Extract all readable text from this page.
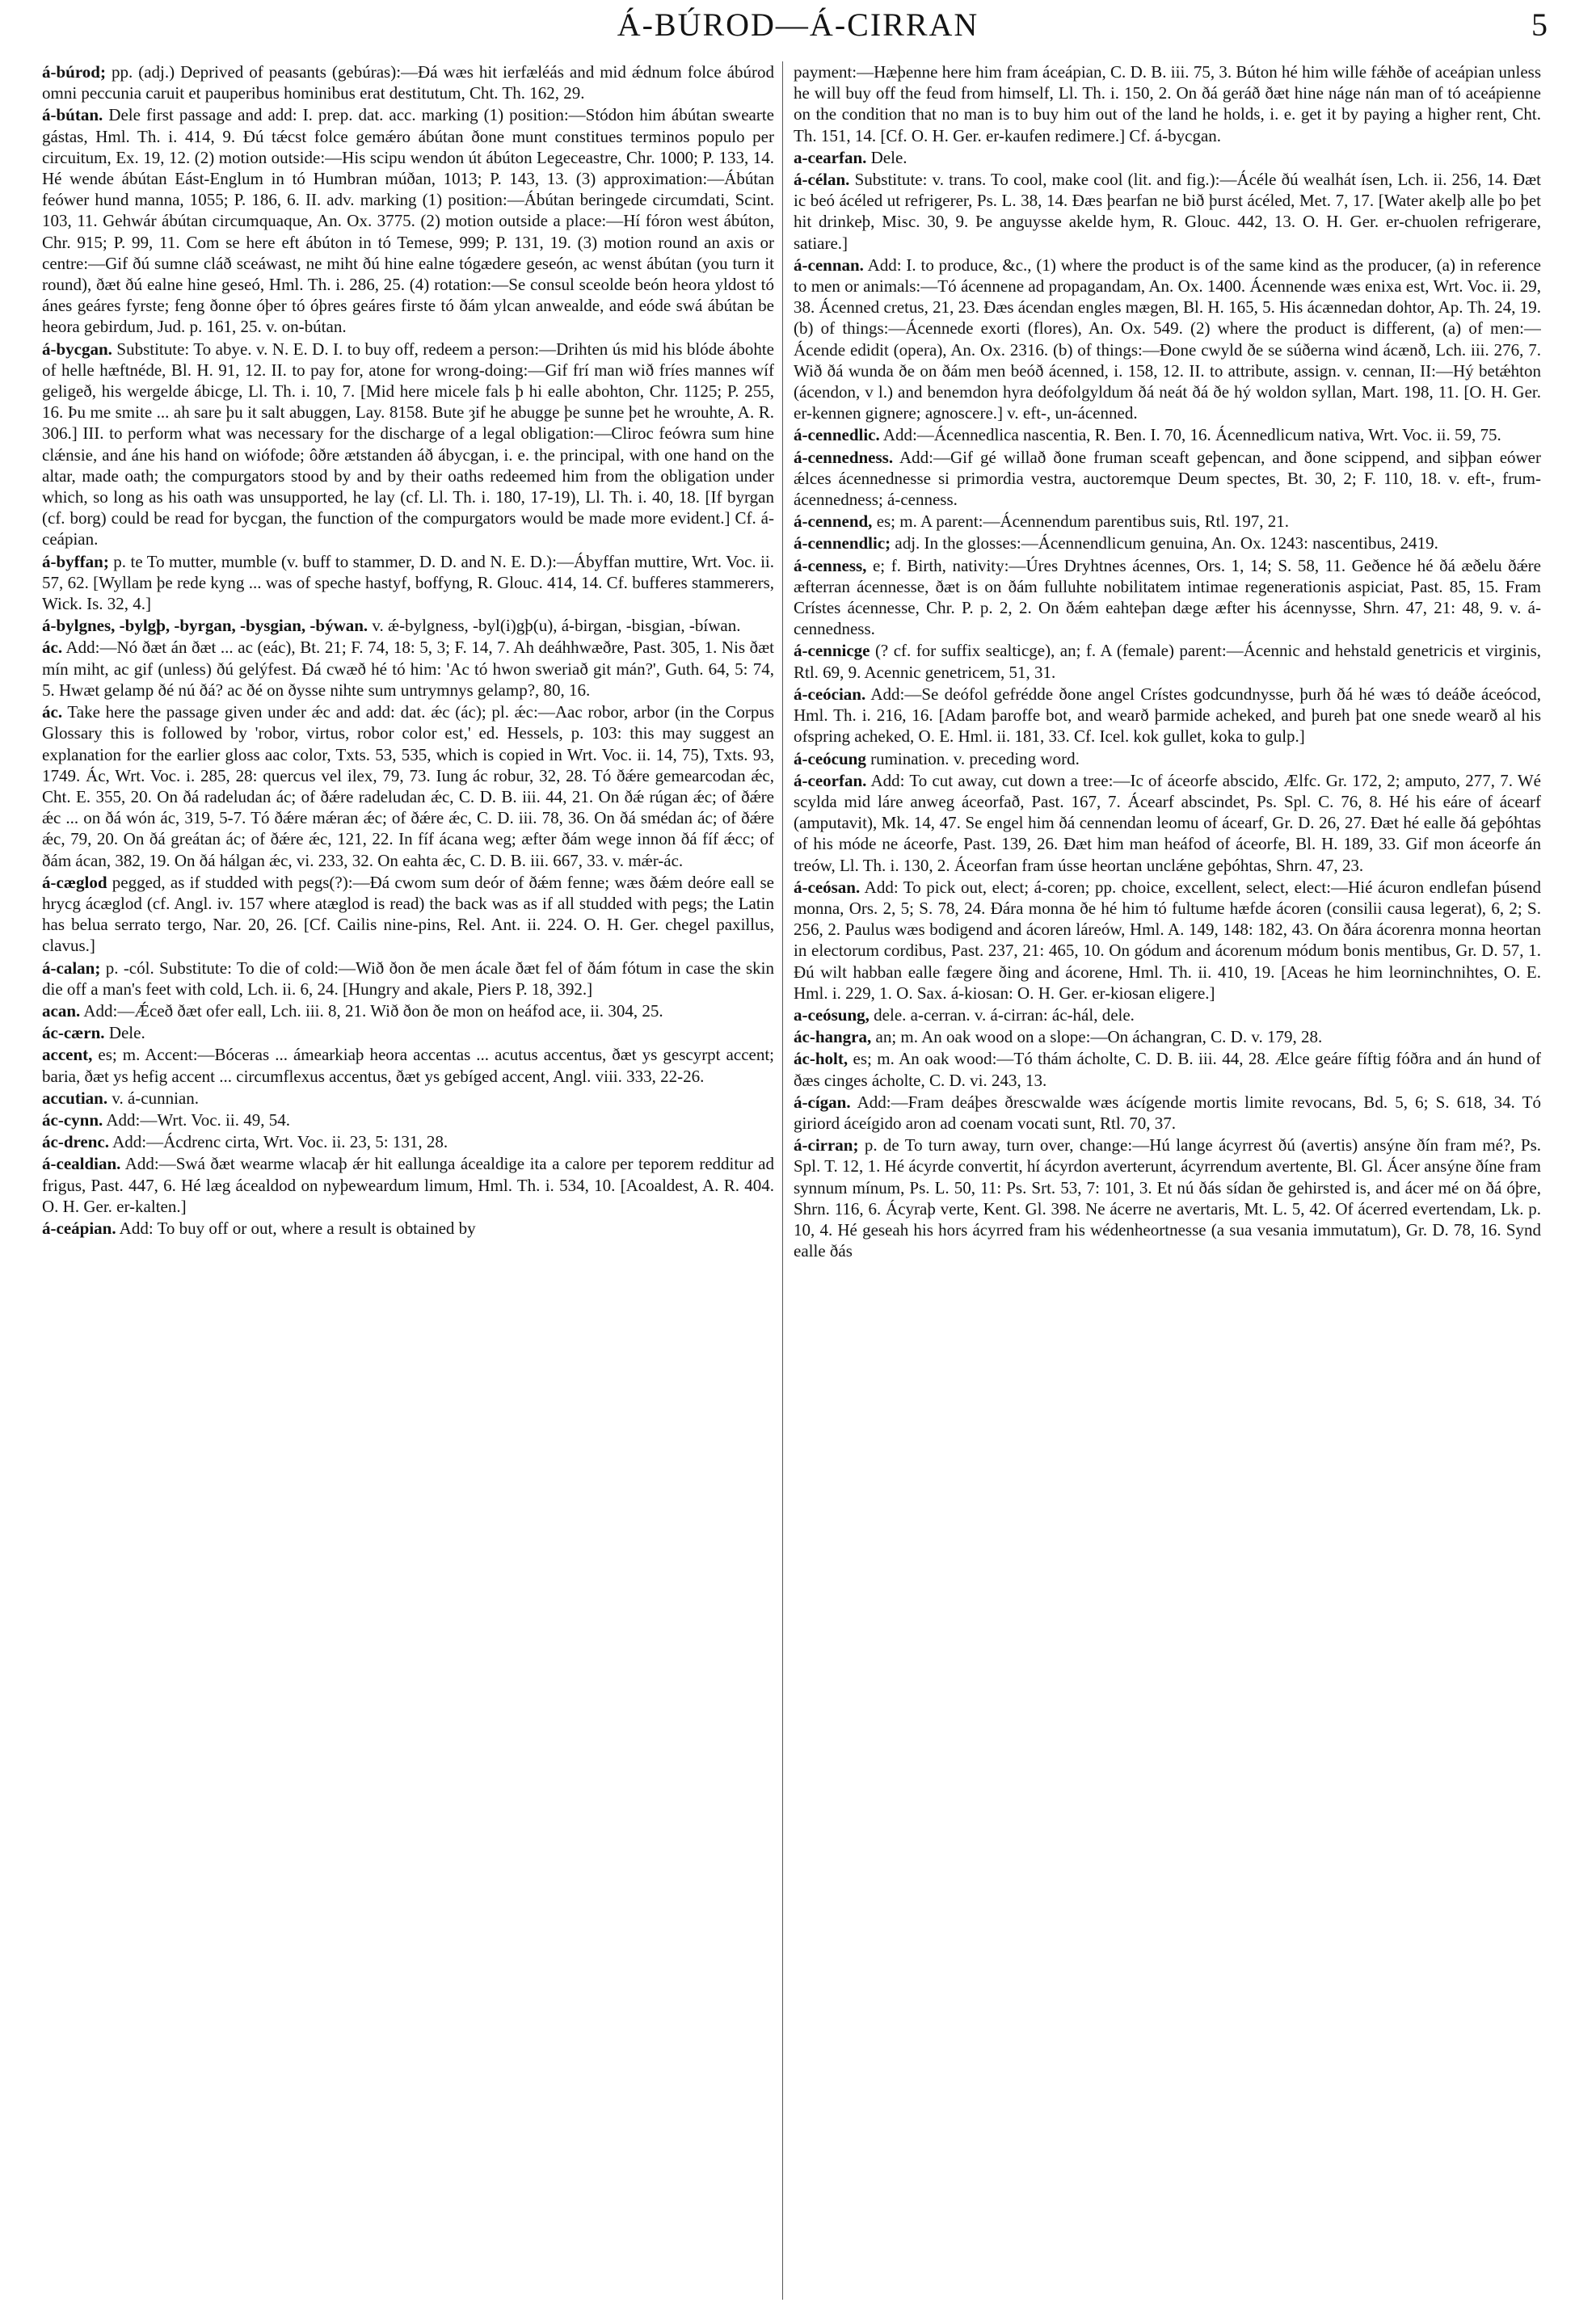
Á-BÚROD—Á-CIRRAN	5
á-búrod; pp. (adj.) Deprived of peasants (gebúras):—Ðá wæs hit ierfæléás and mid ǽdnum folce ábúrod omni peccunia caruit et pauperibus hominibus erat destitutum, Cht. Th. 162, 29.
á-bútan. Dele first passage and add: I. prep. dat. acc. marking (1) position:—Stódon him ábútan swearte gástas, Hml. Th. i. 414, 9. Ðú tǽcst folce gemǽro ábútan ðone munt constitues terminos populo per circuitum, Ex. 19, 12. (2) motion outside:—His scipu wendon út ábúton Legeceastre, Chr. 1000; P. 133, 14. Hé wende ábútan Eást-Englum in tó Humbran múðan, 1013; P. 143, 13. (3) approximation:—Ábútan feówer hund manna, 1055; P. 186, 6. II. adv. marking (1) position:—Ábútan beringede circumdati, Scint. 103, 11. Gehwár ábútan circumquaque, An. Ox. 3775. (2) motion outside a place:—Hí fóron west ábúton, Chr. 915; P. 99, 11. Com se here eft ábúton in tó Temese, 999; P. 131, 19. (3) motion round an axis or centre:—Gif ðú sumne cláð sceáwast, ne miht ðú hine ealne tógædere geseón, ac wenst ábútan (you turn it round), ðæt ðú ealne hine geseó, Hml. Th. i. 286, 25. (4) rotation:—Se consul sceolde beón heora yldost tó ánes geáres fyrste; feng ðonne óþer tó óþres geáres firste tó ðám ylcan anwealde, and eóde swá ábútan be heora gebirdum, Jud. p. 161, 25. v. on-bútan.
á-bycgan. Substitute: To abye. v. N. E. D. I. to buy off, redeem a person:—Drihten ús mid his blóde ábohte of helle hæftnéde, Bl. H. 91, 12. II. to pay for, atone for wrong-doing:—Gif frí man wið fríes mannes wíf geligeð, his wergelde ábicge, Ll. Th. i. 10, 7. [Mid here micele fals þ hi ealle abohton, Chr. 1125; P. 255, 16. Þu me smite ... ah sare þu it salt abuggen, Lay. 8158. Bute ȝif he abugge þe sunne þet he wrouhte, A. R. 306.] III. to perform what was necessary for the discharge of a legal obligation:—Cliroc feówra sum hine clǽnsie, and áne his hand on wiófode; ôðre ætstanden áð ábycgan, i. e. the principal, with one hand on the altar, made oath; the compurgators stood by and by their oaths redeemed him from the obligation under which, so long as his oath was unsupported, he lay (cf. Ll. Th. i. 180, 17-19), Ll. Th. i. 40, 18. [If byrgan (cf. borg) could be read for bycgan, the function of the compurgators would be made more evident.] Cf. á-ceápian.
á-byffan; p. te To mutter, mumble (v. buff to stammer, D. D. and N. E. D.):—Ábyffan muttire, Wrt. Voc. ii. 57, 62. [Wyllam þe rede kyng ... was of speche hastyf, boffyng, R. Glouc. 414, 14. Cf. bufferes stammerers, Wick. Is. 32, 4.]
á-bylgnes, -bylgþ, -byrgan, -bysgian, -býwan. v. ǽ-bylgness, -byl(i)gþ(u), á-birgan, -bisgian, -bíwan.
ác. Add:—Nó ðæt án ðæt ... ac (eác), Bt. 21; F. 74, 18: 5, 3; F. 14, 7. Ah deáhhwæðre, Past. 305, 1. Nis ðæt mín miht, ac gif (unless) ðú gelýfest. Ðá cwæð hé tó him: 'Ac tó hwon sweriað git mán?', Guth. 64, 5: 74, 5. Hwæt gelamp ðé nú ðá? ac ðé on ðysse nihte sum untrymnys gelamp?, 80, 16.
ác. Take here the passage given under ǽc and add: dat. ǽc (ác); pl. ǽc:—Aac robor, arbor (in the Corpus Glossary this is followed by 'robor, virtus, robor color est,' ed. Hessels, p. 103: this may suggest an explanation for the earlier gloss aac color, Txts. 53, 535, which is copied in Wrt. Voc. ii. 14, 75), Txts. 93, 1749. Ác, Wrt. Voc. i. 285, 28: quercus vel ilex, 79, 73. Iung ác robur, 32, 28. Tó ðǽre gemearcodan ǽc, Cht. E. 355, 20. On ðá radeludan ác; of ðǽre radeludan ǽc, C. D. B. iii. 44, 21. On ðǽ rúgan ǽc; of ðǽre ǽc ... on ðá wón ác, 319, 5-7. Tó ðǽre mǽran ǽc; of ðǽre ǽc, C. D. iii. 78, 36. On ðá smédan ác; of ðǽre ǽc, 79, 20. On ðá greátan ác; of ðǽre ǽc, 121, 22. In fíf ácana weg; æfter ðám wege innon ðá fíf ǽcc; of ðám ácan, 382, 19. On ðá hálgan ǽc, vi. 233, 32. On eahta ǽc, C. D. B. iii. 667, 33. v. mǽr-ác.
á-cæglod pegged, as if studded with pegs(?):—Ðá cwom sum deór of ðǽm fenne; wæs ðǽm deóre eall se hrycg ácæglod (cf. Angl. iv. 157 where atæglod is read) the back was as if all studded with pegs; the Latin has belua serrato tergo, Nar. 20, 26. [Cf. Cailis nine-pins, Rel. Ant. ii. 224. O. H. Ger. chegel paxillus, clavus.]
á-calan; p. -cól. Substitute: To die of cold:—Wið ðon ðe men ácale ðæt fel of ðám fótum in case the skin die off a man's feet with cold, Lch. ii. 6, 24. [Hungry and akale, Piers P. 18, 392.]
acan. Add:—Ǽceð ðæt ofer eall, Lch. iii. 8, 21. Wið ðon ðe mon on heáfod ace, ii. 304, 25.
ác-cærn. Dele.
accent, es; m. Accent:—Bóceras ... ámearkiaþ heora accentas ... acutus accentus, ðæt ys gescyrpt accent; baria, ðæt ys hefig accent ... circumflexus accentus, ðæt ys gebíged accent, Angl. viii. 333, 22-26.
accutian. v. á-cunnian.
ác-cynn. Add:—Wrt. Voc. ii. 49, 54.
ác-drenc. Add:—Ácdrenc cirta, Wrt. Voc. ii. 23, 5: 131, 28.
á-cealdian. Add:—Swá ðæt wearme wlacaþ ǽr hit eallunga ácealdige ita a calore per teporem redditur ad frigus, Past. 447, 6. Hé læg ácealdod on nyþeweardum limum, Hml. Th. i. 534, 10. [Acoaldest, A. R. 404. O. H. Ger. er-kalten.]
á-ceápian. Add: To buy off or out, where a result is obtained by
payment:—Hæþenne here him fram áceápian, C. D. B. iii. 75, 3. Búton hé him wille fǽhðe of aceápian unless he will buy off the feud from himself, Ll. Th. i. 150, 2. On ðá geráð ðæt hine náge nán man of tó aceápienne on the condition that no man is to buy him out of the land he holds, i. e. get it by paying a higher rent, Cht. Th. 151, 14. [Cf. O. H. Ger. er-kaufen redimere.] Cf. á-bycgan.
a-cearfan. Dele.
á-célan. Substitute: v. trans. To cool, make cool (lit. and fig.):—Ácéle ðú wealhát ísen, Lch. ii. 256, 14. Ðæt ic beó ácéled ut refrigerer, Ps. L. 38, 14. Ðæs þearfan ne bið þurst ácéled, Met. 7, 17. [Water akelþ alle þo þet hit drinkeþ, Misc. 30, 9. Þe anguysse akelde hym, R. Glouc. 442, 13. O. H. Ger. er-chuolen refrigerare, satiare.]
á-cennan. Add: I. to produce, &c., (1) where the product is of the same kind as the producer, (a) in reference to men or animals:—Tó ácennene ad propagandam, An. Ox. 1400. Ácennende wæs enixa est, Wrt. Voc. ii. 29, 38. Ácenned cretus, 21, 23. Ðæs ácendan engles mægen, Bl. H. 165, 5. His ácænnedan dohtor, Ap. Th. 24, 19. (b) of things:—Ácennede exorti (flores), An. Ox. 549. (2) where the product is different, (a) of men:—Ácende edidit (opera), An. Ox. 2316. (b) of things:—Ðone cwyld ðe se súðerna wind ácænð, Lch. iii. 276, 7. Wið ðá wunda ðe on ðám men beóð ácenned, i. 158, 12. II. to attribute, assign. v. cennan, II:—Hý betǽhton (ácendon, v l.) and benemdon hyra deófolgyldum ðá neát ðá ðe hý woldon syllan, Mart. 198, 11. [O. H. Ger. er-kennen gignere; agnoscere.] v. eft-, un-ácenned.
á-cennedlic. Add:—Ácennedlica nascentia, R. Ben. I. 70, 16. Ácennedlicum nativa, Wrt. Voc. ii. 59, 75.
á-cennedness. Add:—Gif gé willað ðone fruman sceaft geþencan, and ðone scippend, and siþþan eówer ǽlces ácennednesse si primordia vestra, auctoremque Deum spectes, Bt. 30, 2; F. 110, 18. v. eft-, frum-ácennedness; á-cenness.
á-cennend, es; m. A parent:—Ácennendum parentibus suis, Rtl. 197, 21.
á-cennendlic; adj. In the glosses:—Ácennendlicum genuina, An. Ox. 1243: nascentibus, 2419.
á-cenness, e; f. Birth, nativity:—Úres Dryhtnes ácennes, Ors. 1, 14; S. 58, 11. Geðence hé ðá æðelu ðǽre æfterran ácennesse, ðæt is on ðám fulluhte nobilitatem intimae regenerationis aspiciat, Past. 85, 15. Fram Crístes ácennesse, Chr. P. p. 2, 2. On ðǽm eahteþan dæge æfter his ácennysse, Shrn. 47, 21: 48, 9. v. á-cennedness.
á-cennicge (? cf. for suffix sealticge), an; f. A (female) parent:—Ácennic and hehstald genetricis et virginis, Rtl. 69, 9. Acennic genetricem, 51, 31.
á-ceócian. Add:—Se deófol gefrédde ðone angel Crístes godcundnysse, þurh ðá hé wæs tó deáðe áceócod, Hml. Th. i. 216, 16. [Adam þaroffe bot, and wearð þarmide acheked, and þureh þat one snede wearð al his ofspring acheked, O. E. Hml. ii. 181, 33. Cf. Icel. kok gullet, koka to gulp.]
á-ceócung rumination. v. preceding word.
á-ceorfan. Add: To cut away, cut down a tree:—Ic of áceorfe abscido, Ælfc. Gr. 172, 2; amputo, 277, 7. Wé scylda mid láre anweg áceorfað, Past. 167, 7. Ácearf abscindet, Ps. Spl. C. 76, 8. Hé his eáre of ácearf (amputavit), Mk. 14, 47. Se engel him ðá cennendan leomu of ácearf, Gr. D. 26, 27. Ðæt hé ealle ðá geþóhtas of his móde ne áceorfe, Past. 139, 26. Ðæt him man heáfod of áceorfe, Bl. H. 189, 33. Gif mon áceorfe án treów, Ll. Th. i. 130, 2. Áceorfan fram ússe heortan unclǽne geþóhtas, Shrn. 47, 23.
á-ceósan. Add: To pick out, elect; á-coren; pp. choice, excellent, select, elect:—Hié ácuron endlefan þúsend monna, Ors. 2, 5; S. 78, 24. Ðára monna ðe hé him tó fultume hæfde ácoren (consilii causa legerat), 6, 2; S. 256, 2. Paulus wæs bodigend and ácoren láreów, Hml. A. 149, 148: 182, 43. On ðára ácorenra monna heortan in electorum cordibus, Past. 237, 21: 465, 10. On gódum and ácorenum módum bonis mentibus, Gr. D. 57, 1. Ðú wilt habban ealle fægere ðing and ácorene, Hml. Th. ii. 410, 19. [Aceas he him leorninchnihtes, O. E. Hml. i. 229, 1. O. Sax. á-kiosan: O. H. Ger. er-kiosan eligere.]
a-ceósung, dele. a-cerran. v. á-cirran: ác-hál, dele.
ác-hangra, an; m. An oak wood on a slope:—On áchangran, C. D. v. 179, 28.
ác-holt, es; m. An oak wood:—Tó thám ácholte, C. D. B. iii. 44, 28. Ælce geáre fíftig fóðra and án hund of ðæs cinges ácholte, C. D. vi. 243, 13.
á-cígan. Add:—Fram deáþes ðrescwalde wæs ácígende mortis limite revocans, Bd. 5, 6; S. 618, 34. Tó giriord áceígido aron ad coenam vocati sunt, Rtl. 70, 37.
á-cirran; p. de To turn away, turn over, change:—Hú lange ácyrrest ðú (avertis) ansýne ðín fram mé?, Ps. Spl. T. 12, 1. Hé ácyrde convertit, hí ácyrdon averterunt, ácyrrendum avertente, Bl. Gl. Ácer ansýne ðíne fram synnum mínum, Ps. L. 50, 11: Ps. Srt. 53, 7: 101, 3. Et nú ðás sídan ðe gehirsted is, and ácer mé on ðá óþre, Shrn. 116, 6. Ácyraþ verte, Kent. Gl. 398. Ne ácerre ne avertaris, Mt. L. 5, 42. Of ácerred evertendam, Lk. p. 10, 4. Hé geseah his hors ácyrred fram his wédenheortnesse (a sua vesania immutatum), Gr. D. 78, 16. Synd ealle ðás
